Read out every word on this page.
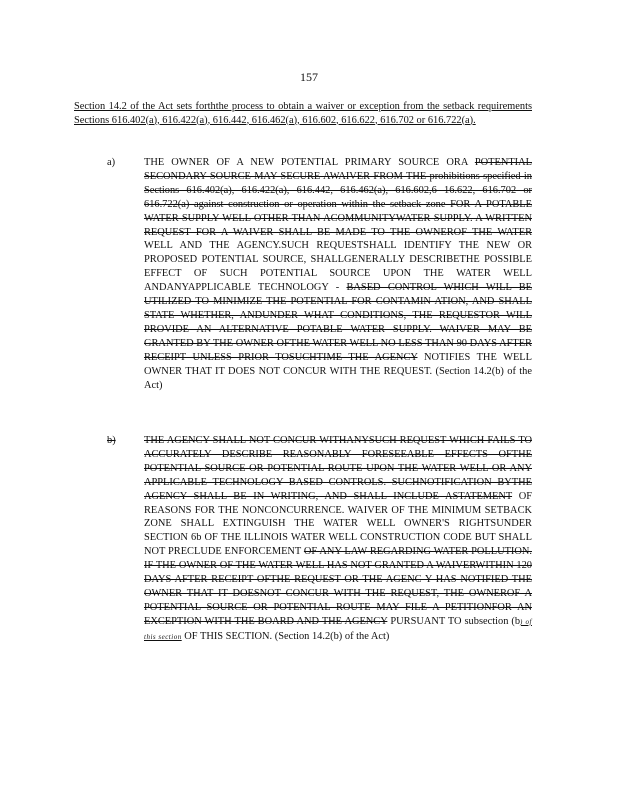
157
Section 14.2 of the Act sets forththe process to obtain a waiver or exception from the setback requirements Sections 616.402(a), 616.422(a), 616.442, 616.462(a), 616.602, 616.622, 616.702 or 616.722(a).
a)	THE OWNER OF A NEW POTENTIAL PRIMARY SOURCE ORA POTENTIAL SECONDARY SOURCE MAY SECURE AWAIVER FROM THE prohibitions specified in Sections 616.402(a), 616.422(a), 616.442, 616.462(a), 616.602,6 16.622, 616.702 or 616.722(a) against construction or operation within the setback zone FOR A POTABLE WATER SUPPLY WELL OTHER THAN ACOMMUNITYWATER SUPPLY. A WRITTEN REQUEST FOR A WAIVER SHALL BE MADE TO THE OWNEROF THE WATER WELL AND THE AGENCY.SUCH REQUESTSHALL IDENTIFY THE NEW OR PROPOSED POTENTIAL SOURCE, SHALLGENERALLY DESCRIBETHE POSSIBLE EFFECT OF SUCH POTENTIAL SOURCE UPON THE WATER WELL ANDANYAPPLICABLE TECHNOLOGY - BASED CONTROL WHICH WILL BE UTILIZED TO MINIMIZE THE POTENTIAL FOR CONTAMIN ATION, AND SHALL STATE WHETHER, ANDUNDER WHAT CONDITIONS, THE REQUESTOR WILL PROVIDE AN ALTERNATIVE POTABLE WATER SUPPLY. WAIVER MAY BE GRANTED BY THE OWNER OFTHE WATER WELL NO LESS THAN 90 DAYS AFTER RECEIPT UNLESS PRIOR TOSUCHTIME THE AGENCY NOTIFIES THE WELL OWNER THAT IT DOES NOT CONCUR WITH THE REQUEST. (Section 14.2(b) of the Act)
b)	THE AGENCY SHALL NOT CONCUR WITHANYSUCH REQUEST WHICH FAILS TO ACCURATELY DESCRIBE REASONABLY FORESEEABLE EFFECTS OFTHE POTENTIAL SOURCE OR POTENTIAL ROUTE UPON THE WATER WELL OR ANY APPLICABLE TECHNOLOGY BASED CONTROLS. SUCHNOTIFICATION BYTHE AGENCY SHALL BE IN WRITING, AND SHALL INCLUDE ASTATEMENT OF REASONS FOR THE NONCONCURRENCE. WAIVER OF THE MINIMUM SETBACK ZONE SHALL EXTINGUISH THE WATER WELL OWNER'S RIGHTSUNDER SECTION 6b OF THE ILLINOIS WATER WELL CONSTRUCTION CODE BUT SHALL NOT PRECLUDE ENFORCEMENT OF ANY LAW REGARDING WATER POLLUTION. IF THE OWNER OF THE WATER WELL HAS NOT GRANTED A WAIVERWITHIN 120 DAYS AFTER RECEIPT OFTHE REQUEST OR THE AGENC Y HAS NOTIFIED THE OWNER THAT IT DOESNOT CONCUR WITH THE REQUEST, THE OWNEROF A POTENTIAL SOURCE OR POTENTIAL ROUTE MAY FILE A PETITIONFOR AN EXCEPTION WITH THE BOARD AND THE AGENCY PURSUANT TO subsection (b) of this section OF THIS SECTION. (Section 14.2(b) of the Act)
